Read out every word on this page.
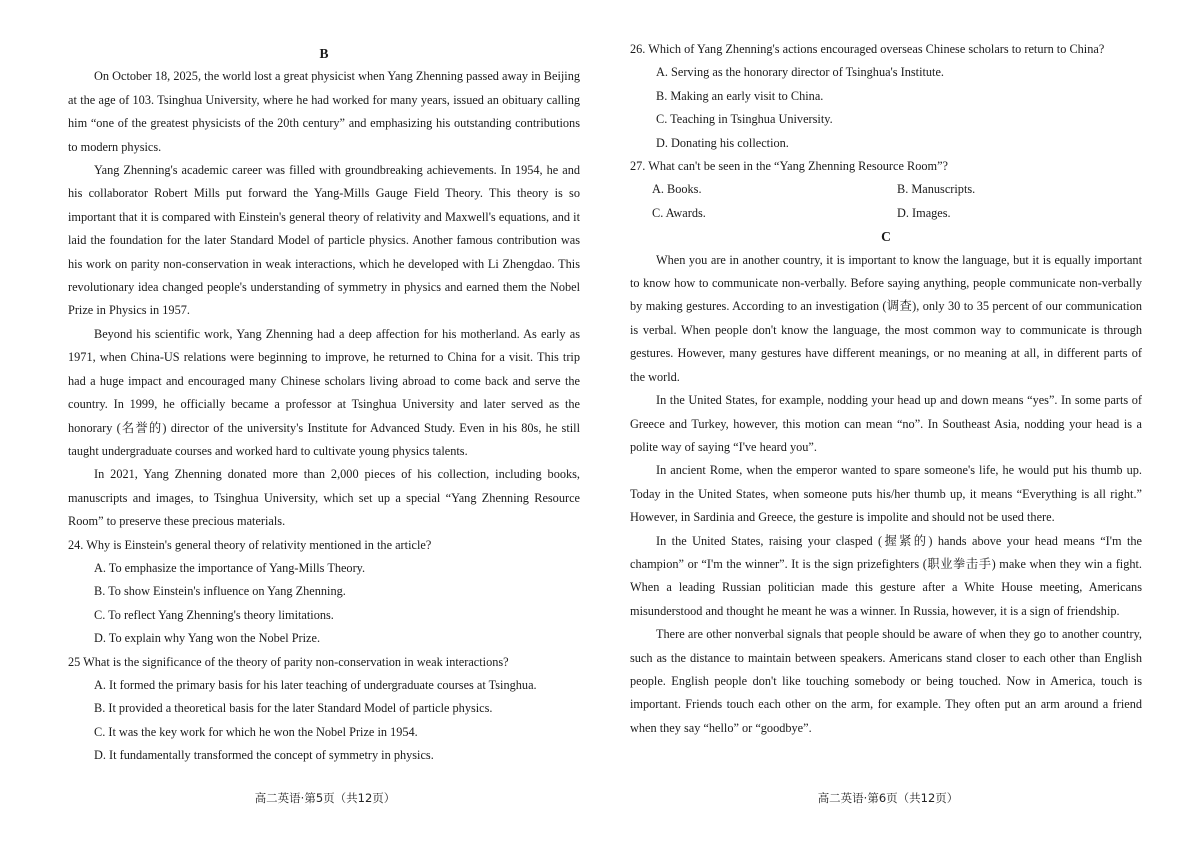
B

On October 18, 2025, the world lost a great physicist when Yang Zhenning passed away in Beijing at the age of 103. Tsinghua University, where he had worked for many years, issued an obituary calling him “one of the greatest physicists of the 20th century” and emphasizing his outstanding contributions to modern physics.

Yang Zhenning's academic career was filled with groundbreaking achievements. In 1954, he and his collaborator Robert Mills put forward the Yang-Mills Gauge Field Theory. This theory is so important that it is compared with Einstein's general theory of relativity and Maxwell's equations, and it laid the foundation for the later Standard Model of particle physics. Another famous contribution was his work on parity non-conservation in weak interactions, which he developed with Li Zhengdao. This revolutionary idea changed people's understanding of symmetry in physics and earned them the Nobel Prize in Physics in 1957.

Beyond his scientific work, Yang Zhenning had a deep affection for his motherland. As early as 1971, when China-US relations were beginning to improve, he returned to China for a visit. This trip had a huge impact and encouraged many Chinese scholars living abroad to come back and serve the country. In 1999, he officially became a professor at Tsinghua University and later served as the honorary (名誉的) director of the university's Institute for Advanced Study. Even in his 80s, he still taught undergraduate courses and worked hard to cultivate young physics talents.

In 2021, Yang Zhenning donated more than 2,000 pieces of his collection, including books, manuscripts and images, to Tsinghua University, which set up a special “Yang Zhenning Resource Room” to preserve these precious materials.

24. Why is Einstein's general theory of relativity mentioned in the article?

A. To emphasize the importance of Yang-Mills Theory.

B. To show Einstein's influence on Yang Zhenning.

C. To reflect Yang Zhenning's theory limitations.

D. To explain why Yang won the Nobel Prize.

25 What is the significance of the theory of parity non-conservation in weak interactions?

A. It formed the primary basis for his later teaching of undergraduate courses at Tsinghua.

B. It provided a theoretical basis for the later Standard Model of particle physics.

C. It was the key work for which he won the Nobel Prize in 1954.

D. It fundamentally transformed the concept of symmetry in physics.

26. Which of Yang Zhenning's actions encouraged overseas Chinese scholars to return to China?

A. Serving as the honorary director of Tsinghua's Institute.

B. Making an early visit to China.

C. Teaching in Tsinghua University.

D. Donating his collection.

27. What can't be seen in the “Yang Zhenning Resource Room”?

A. Books.	B. Manuscripts.
C. Awards.	D. Images.
C

When you are in another country, it is important to know the language, but it is equally important to know how to communicate non-verbally. Before saying anything, people communicate non-verbally by making gestures. According to an investigation (调查), only 30 to 35 percent of our communication is verbal. When people don't know the language, the most common way to communicate is through gestures. However, many gestures have different meanings, or no meaning at all, in different parts of the world.

In the United States, for example, nodding your head up and down means “yes”. In some parts of Greece and Turkey, however, this motion can mean “no”. In Southeast Asia, nodding your head is a polite way of saying “I've heard you”.

In ancient Rome, when the emperor wanted to spare someone's life, he would put his thumb up. Today in the United States, when someone puts his/her thumb up, it means “Everything is all right.” However, in Sardinia and Greece, the gesture is impolite and should not be used there.

In the United States, raising your clasped (握紧的) hands above your head means “I'm the champion” or “I'm the winner”. It is the sign prizefighters (职业拳击手) make when they win a fight. When a leading Russian politician made this gesture after a White House meeting, Americans misunderstood and thought he meant he was a winner. In Russia, however, it is a sign of friendship.

There are other nonverbal signals that people should be aware of when they go to another country, such as the distance to maintain between speakers. Americans stand closer to each other than English people. English people don't like touching somebody or being touched. Now in America, touch is important. Friends touch each other on the arm, for example. They often put an arm around a friend when they say “hello” or “goodbye”.

高二英语·第5页（共12页）	高二英语·第6页（共12页）
